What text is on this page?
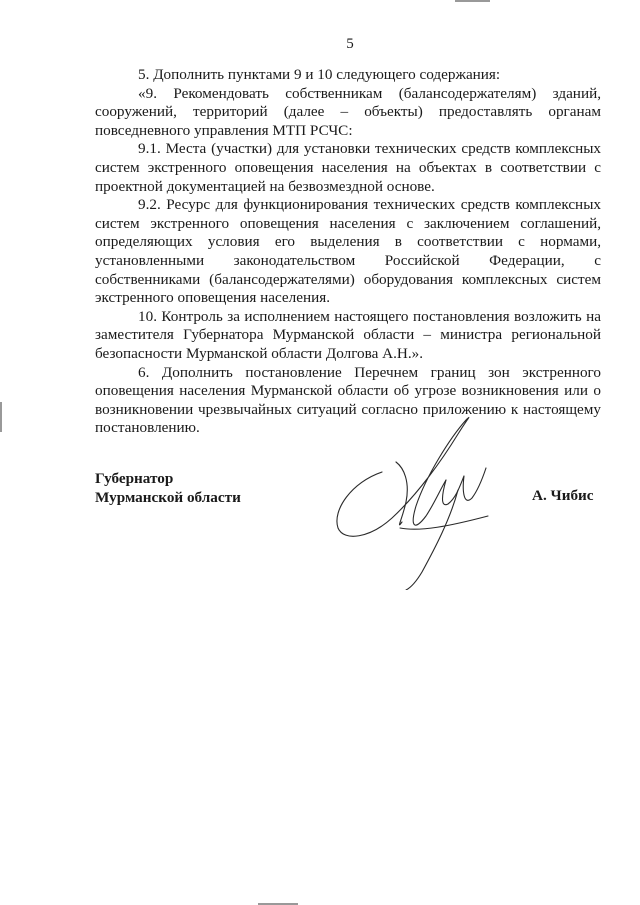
5

5. Дополнить пунктами 9 и 10 следующего содержания:

«9. Рекомендовать собственникам (балансодержателям) зданий, сооружений, территорий (далее – объекты) предоставлять органам повседневного управления МТП РСЧС:

9.1. Места (участки) для установки технических средств комплексных систем экстренного оповещения населения на объектах в соответствии с проектной документацией на безвозмездной основе.

9.2. Ресурс для функционирования технических средств комплексных систем экстренного оповещения населения с заключением соглашений, определяющих условия его выделения в соответствии с нормами, установленными законодательством Российской Федерации, с собственниками (балансодержателями) оборудования комплексных систем экстренного оповещения населения.

10. Контроль за исполнением настоящего постановления возложить на заместителя Губернатора Мурманской области – министра региональной безопасности Мурманской области Долгова А.Н.».

6. Дополнить постановление Перечнем границ зон экстренного оповещения населения Мурманской области об угрозе возникновения или о возникновении чрезвычайных ситуаций согласно приложению к настоящему постановлению.

Губернатор
Мурманской области	А. Чибис
